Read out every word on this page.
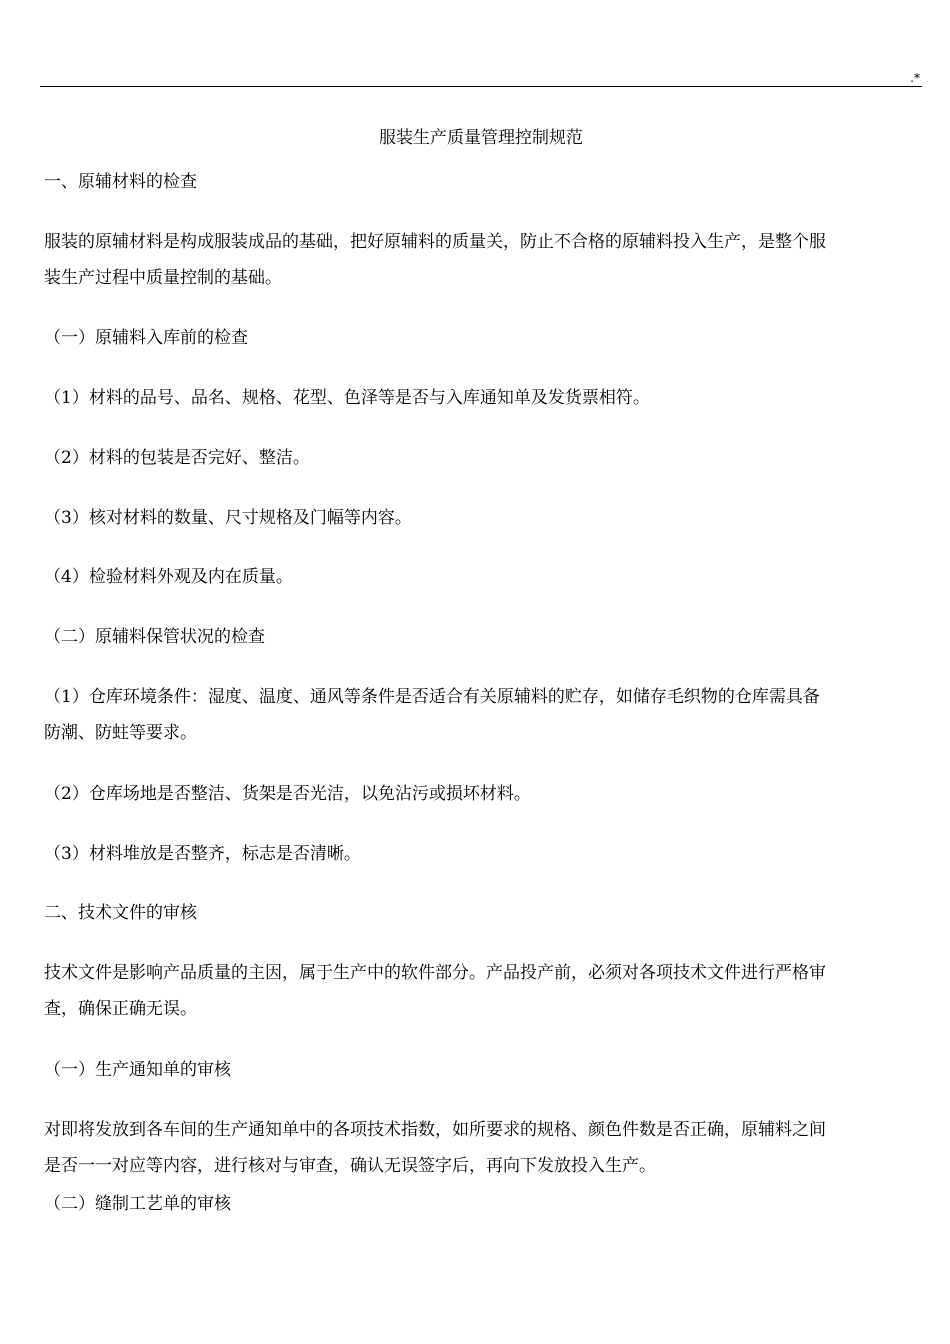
.*
服装生产质量管理控制规范

一、原辅材料的检查

服装的原辅材料是构成服装成品的基础，把好原辅料的质量关，防止不合格的原辅料投入生产，是整个服

装生产过程中质量控制的基础。

（一）原辅料入库前的检查

（1）材料的品号、品名、规格、花型、色泽等是否与入库通知单及发货票相符。

（2）材料的包装是否完好、整洁。

（3）核对材料的数量、尺寸规格及门幅等内容。

（4）检验材料外观及内在质量。

（二）原辅料保管状况的检查

（1）仓库环境条件：湿度、温度、通风等条件是否适合有关原辅料的贮存，如储存毛织物的仓库需具备

防潮、防蛀等要求。

（2）仓库场地是否整洁、货架是否光洁，以免沾污或损坏材料。

（3）材料堆放是否整齐，标志是否清晰。

二、技术文件的审核

技术文件是影响产品质量的主因，属于生产中的软件部分。产品投产前，必须对各项技术文件进行严格审

查，确保正确无误。

（一）生产通知单的审核

对即将发放到各车间的生产通知单中的各项技术指数，如所要求的规格、颜色件数是否正确，原辅料之间

是否一一对应等内容，进行核对与审查，确认无误签字后，再向下发放投入生产。

（二）缝制工艺单的审核
